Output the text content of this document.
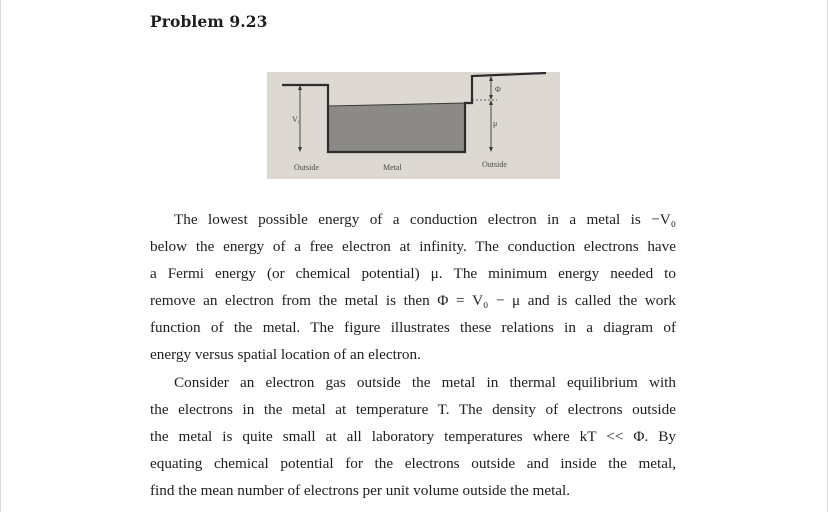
Problem 9.23
V₀
Φ
μ
Outside	Metal	Outside
The lowest possible energy of a conduction electron in a metal is −V₀
below the energy of a free electron at infinity. The conduction electrons have
a Fermi energy (or chemical potential) μ. The minimum energy needed to
remove an electron from the metal is then Φ = V₀ − μ and is called the work
function of the metal. The figure illustrates these relations in a diagram of
energy versus spatial location of an electron.
Consider an electron gas outside the metal in thermal equilibrium with
the electrons in the metal at temperature T. The density of electrons outside
the metal is quite small at all laboratory temperatures where kT << Φ. By
equating chemical potential for the electrons outside and inside the metal,
find the mean number of electrons per unit volume outside the metal.
